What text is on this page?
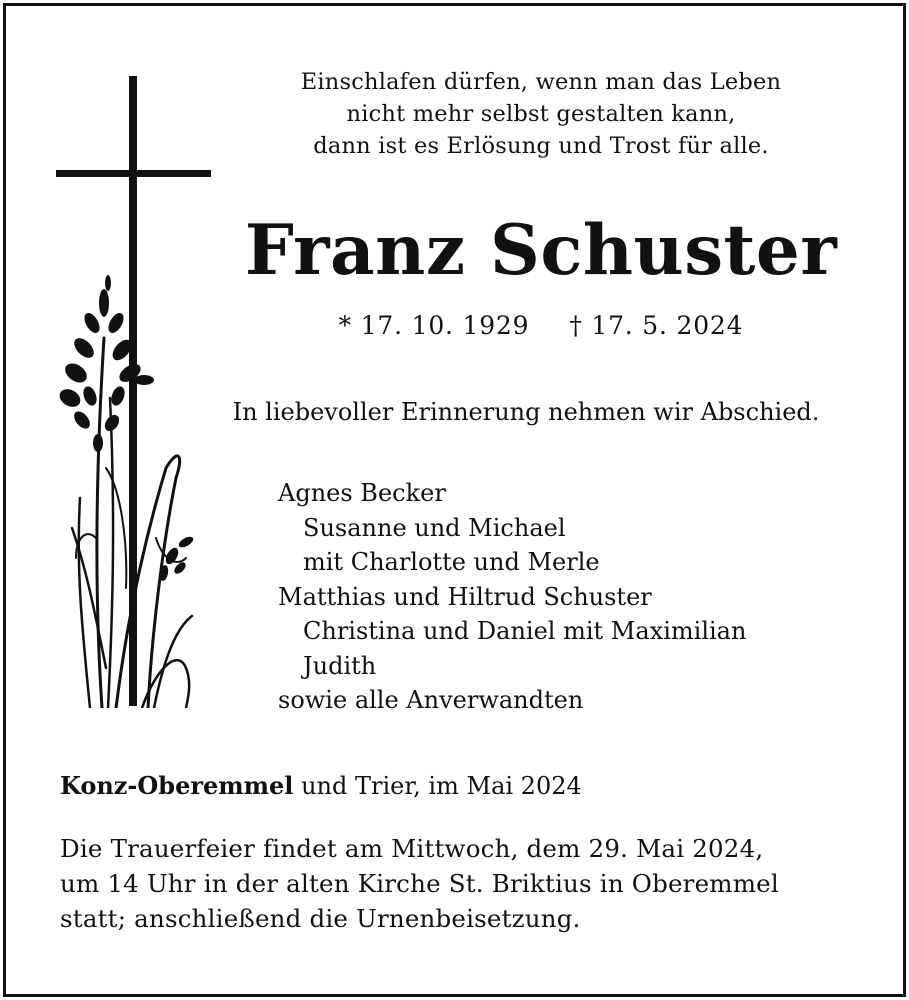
Einschlafen dürfen, wenn man das Leben
nicht mehr selbst gestalten kann,
dann ist es Erlösung und Trost für alle.
Franz Schuster
* 17. 10. 1929 † 17. 5. 2024
In liebevoller Erinnerung nehmen wir Abschied.
Agnes Becker
Susanne und Michael
mit Charlotte und Merle
Matthias und Hiltrud Schuster
Christina und Daniel mit Maximilian
Judith
sowie alle Anverwandten
Konz-Oberemmel und Trier, im Mai 2024
Die Trauerfeier findet am Mittwoch, dem 29. Mai 2024,
um 14 Uhr in der alten Kirche St. Briktius in Oberemmel
statt; anschließend die Urnenbeisetzung.
